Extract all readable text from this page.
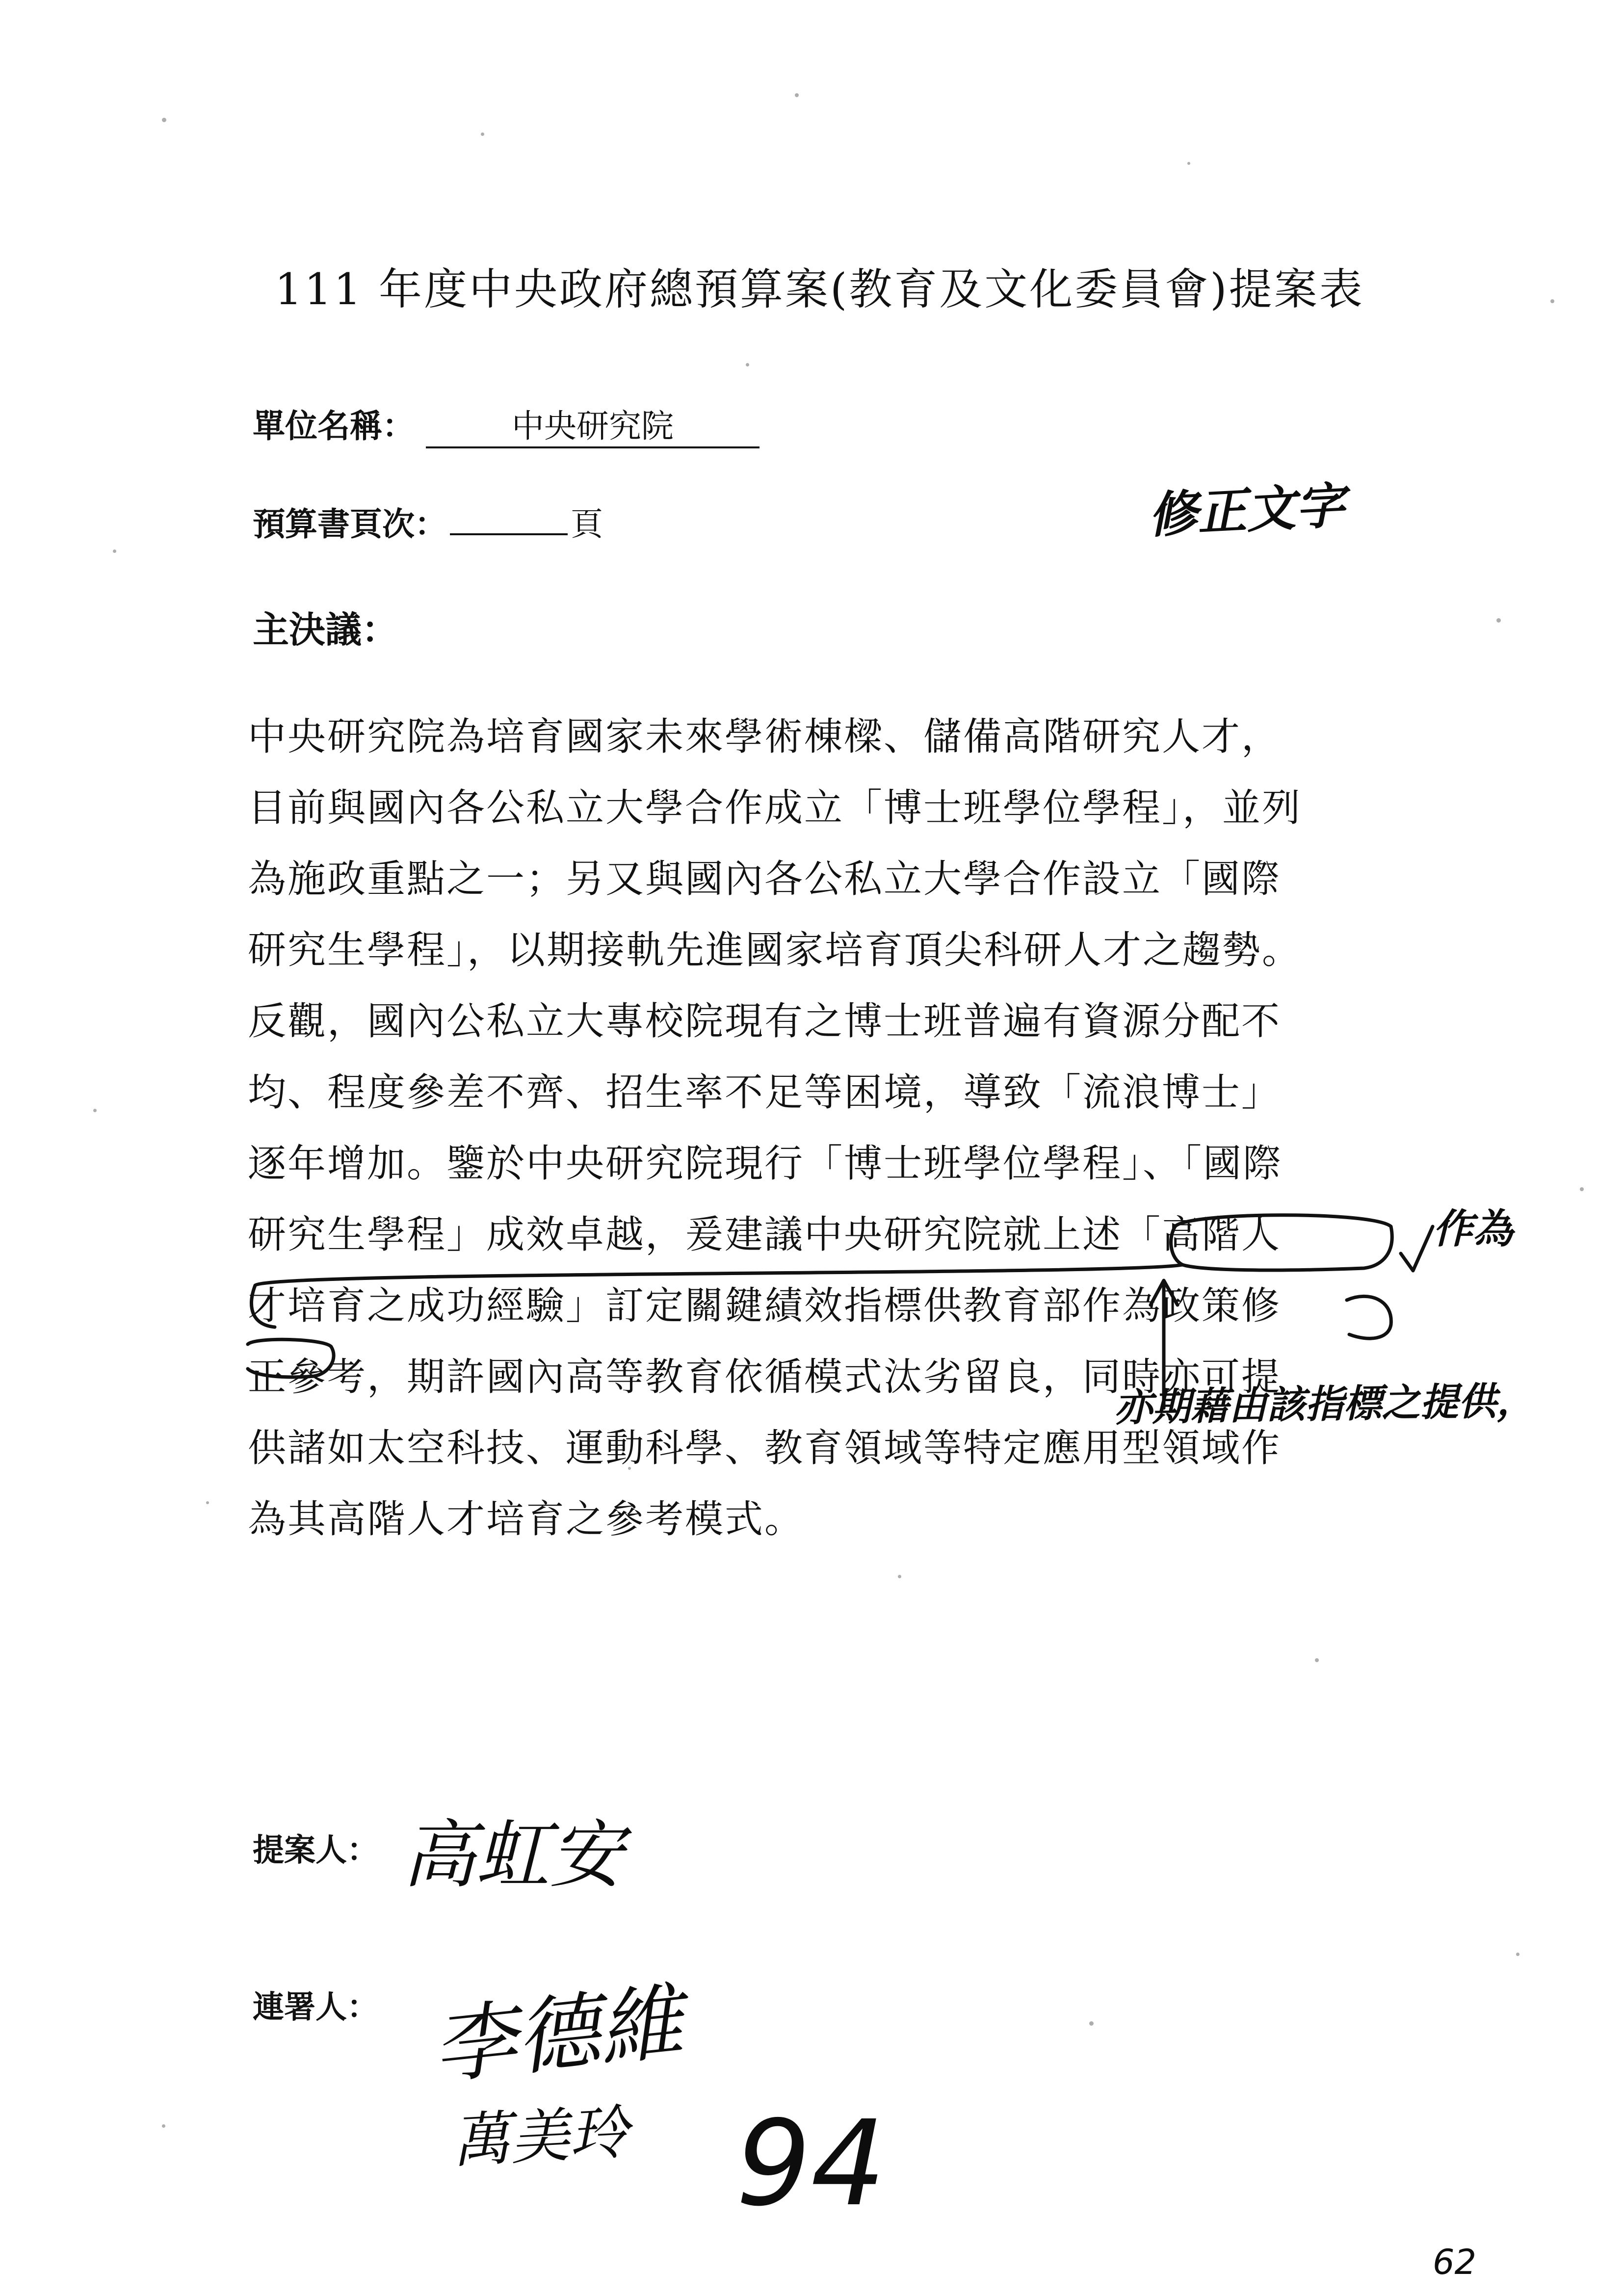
111 年度中央政府總預算案(教育及文化委員會)提案表
單位名稱：	中央研究院
預算書頁次：	頁	修正文字
主決議：
中央研究院為培育國家未來學術棟樑、儲備高階研究人才，
目前與國內各公私立大學合作成立「博士班學位學程」，並列
為施政重點之一；另又與國內各公私立大學合作設立「國際
研究生學程」，以期接軌先進國家培育頂尖科研人才之趨勢。
反觀，國內公私立大專校院現有之博士班普遍有資源分配不
均、程度參差不齊、招生率不足等困境，導致「流浪博士」
逐年增加。鑒於中央研究院現行「博士班學位學程」、「國際
研究生學程」成效卓越，爰建議中央研究院就上述「高階人
才培育之成功經驗」訂定關鍵績效指標供教育部作為政策修
正參考，期許國內高等教育依循模式汰劣留良，同時亦可提
供諸如太空科技、運動科學、教育領域等特定應用型領域作
為其高階人才培育之參考模式。
作為
亦期藉由該指標之提供，
提案人： 高虹安
連署人： 李德維
萬美玲 94
62
